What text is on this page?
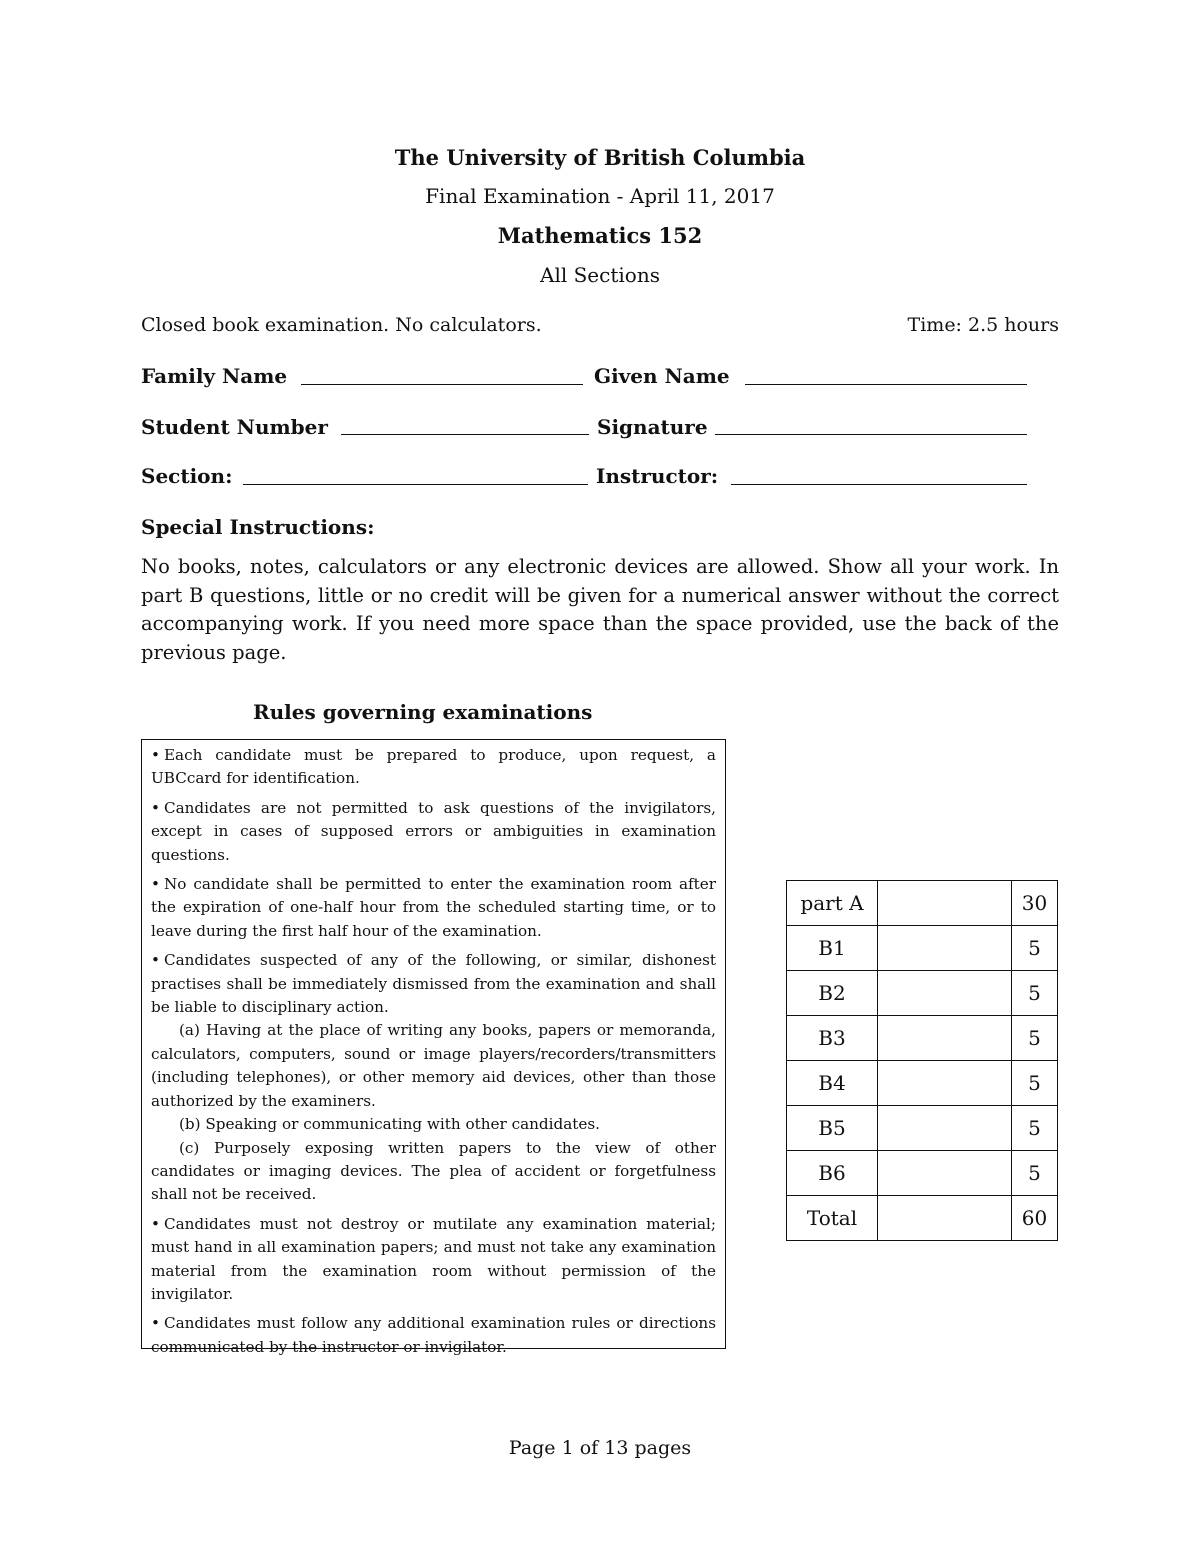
The University of British Columbia
Final Examination - April 11, 2017
Mathematics 152
All Sections
Closed book examination. No calculators.	Time: 2.5 hours
Family Name	Given Name
Student Number	Signature
Section:	Instructor:
Special Instructions:
No books, notes, calculators or any electronic devices are allowed. Show all your work. In part B questions, little or no credit will be given for a numerical answer without the correct accompanying work. If you need more space than the space provided, use the back of the previous page.
Rules governing examinations

• Each candidate must be prepared to produce, upon request, a UBCcard for identification.

• Candidates are not permitted to ask questions of the invigilators, except in cases of supposed errors or ambiguities in examination questions.

• No candidate shall be permitted to enter the examination room after the expiration of one-half hour from the scheduled starting time, or to leave during the first half hour of the examination.

• Candidates suspected of any of the following, or similar, dishonest practises shall be immediately dismissed from the examination and shall be liable to disciplinary action.

(a) Having at the place of writing any books, papers or memoranda, calculators, computers, sound or image players/recorders/transmitters (including telephones), or other memory aid devices, other than those authorized by the examiners.

(b) Speaking or communicating with other candidates.

(c) Purposely exposing written papers to the view of other candidates or imaging devices. The plea of accident or forgetfulness shall not be received.

• Candidates must not destroy or mutilate any examination material; must hand in all examination papers; and must not take any examination material from the examination room without permission of the invigilator.

• Candidates must follow any additional examination rules or directions communicated by the instructor or invigilator.

part A		30
B1		5
B2		5
B3		5
B4		5
B5		5
B6		5
Total		60
Page 1 of 13 pages
